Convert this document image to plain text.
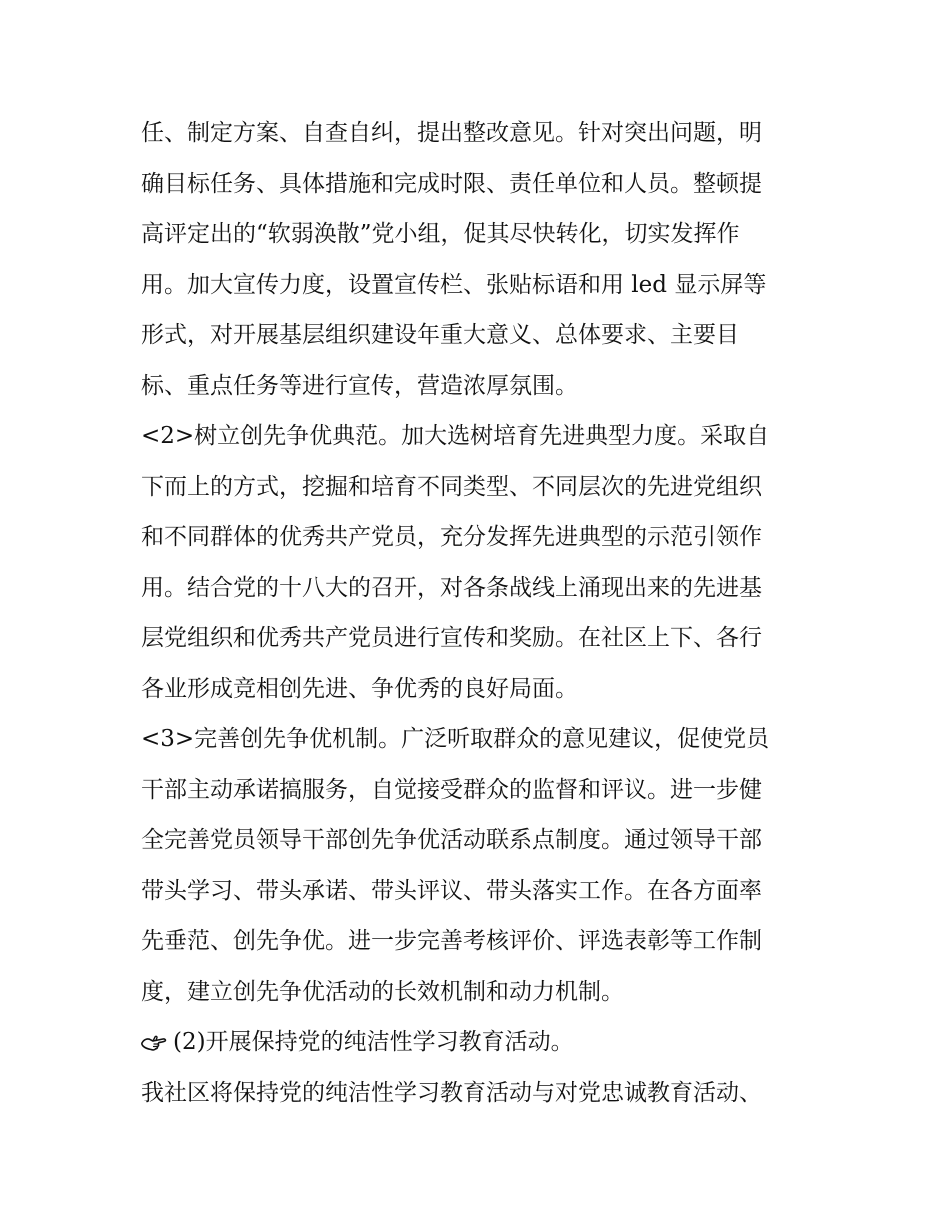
任、制定方案、自查自纠，提出整改意见。针对突出问题，明
确目标任务、具体措施和完成时限、责任单位和人员。整顿提
高评定出的“软弱涣散”党小组，促其尽快转化，切实发挥作
用。加大宣传力度，设置宣传栏、张贴标语和用 led 显示屏等
形式，对开展基层组织建设年重大意义、总体要求、主要目
标、重点任务等进行宣传，营造浓厚氛围。
<2>树立创先争优典范。加大选树培育先进典型力度。采取自
下而上的方式，挖掘和培育不同类型、不同层次的先进党组织
和不同群体的优秀共产党员，充分发挥先进典型的示范引领作
用。结合党的十八大的召开，对各条战线上涌现出来的先进基
层党组织和优秀共产党员进行宣传和奖励。在社区上下、各行
各业形成竞相创先进、争优秀的良好局面。
<3>完善创先争优机制。广泛听取群众的意见建议，促使党员
干部主动承诺搞服务，自觉接受群众的监督和评议。进一步健
全完善党员领导干部创先争优活动联系点制度。通过领导干部
带头学习、带头承诺、带头评议、带头落实工作。在各方面率
先垂范、创先争优。进一步完善考核评价、评选表彰等工作制
度，建立创先争优活动的长效机制和动力机制。
(2)开展保持党的纯洁性学习教育活动。
我社区将保持党的纯洁性学习教育活动与对党忠诚教育活动、
